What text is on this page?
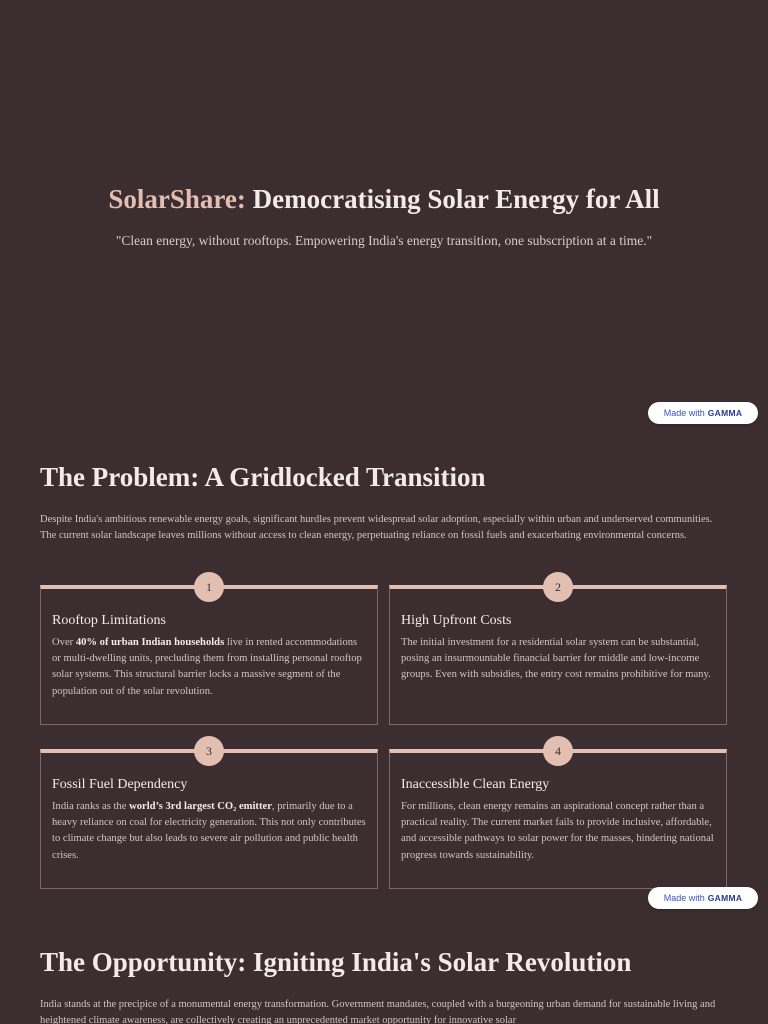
SolarShare: Democratising Solar Energy for All

"Clean energy, without rooftops. Empowering India's energy transition, one subscription at a time."

Made with GAMMA
The Problem: A Gridlocked Transition

Despite India's ambitious renewable energy goals, significant hurdles prevent widespread solar adoption, especially within urban and underserved communities. The current solar landscape leaves millions without access to clean energy, perpetuating reliance on fossil fuels and exacerbating environmental concerns.

1
Rooftop Limitations

Over 40% of urban Indian households live in rented accommodations or multi-dwelling units, precluding them from installing personal rooftop solar systems. This structural barrier locks a massive segment of the population out of the solar revolution.

2
High Upfront Costs

The initial investment for a residential solar system can be substantial, posing an insurmountable financial barrier for middle and low-income groups. Even with subsidies, the entry cost remains prohibitive for many.

3
Fossil Fuel Dependency

India ranks as the world’s 3rd largest CO₂ emitter, primarily due to a heavy reliance on coal for electricity generation. This not only contributes to climate change but also leads to severe air pollution and public health crises.

4
Inaccessible Clean Energy

For millions, clean energy remains an aspirational concept rather than a practical reality. The current market fails to provide inclusive, affordable, and accessible pathways to solar power for the masses, hindering national progress towards sustainability.

Made with GAMMA
The Opportunity: Igniting India's Solar Revolution

India stands at the precipice of a monumental energy transformation. Government mandates, coupled with a burgeoning urban demand for sustainable living and heightened climate awareness, are collectively creating an unprecedented market opportunity for innovative solar
